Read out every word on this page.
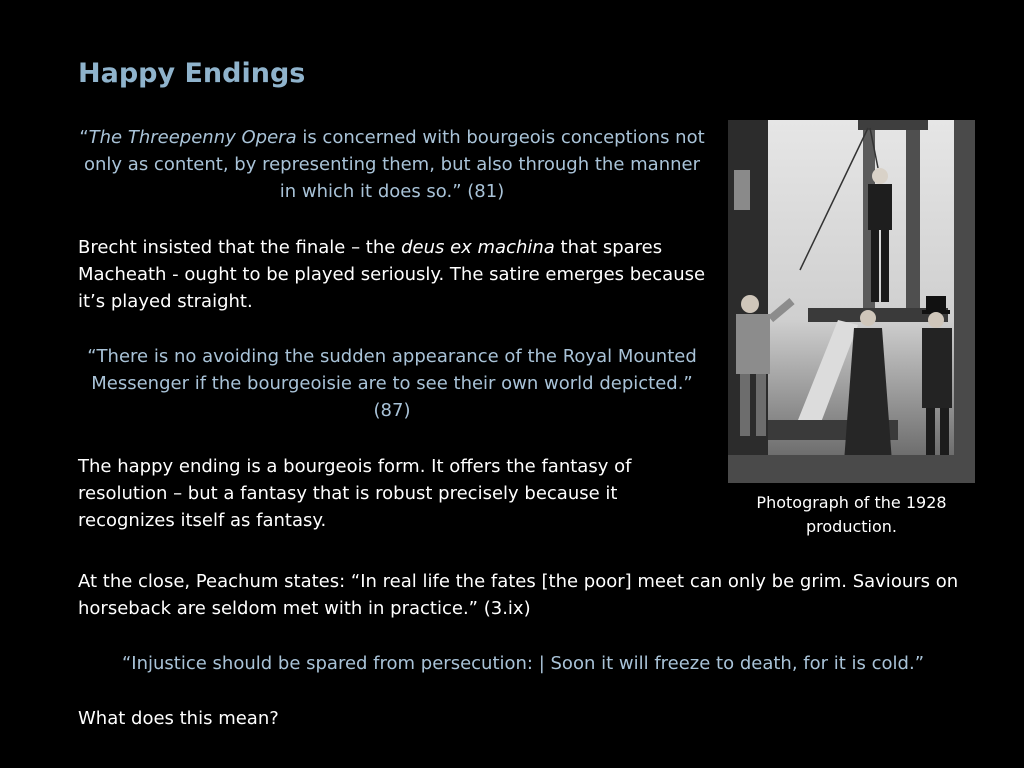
Happy Endings

“The Threepenny Opera is concerned with bourgeois conceptions not only as content, by representing them, but also through the manner in which it does so.” (81)

Brecht insisted that the finale – the deus ex machina that spares Macheath - ought to be played seriously. The satire emerges because it’s played straight.

“There is no avoiding the sudden appearance of the Royal Mounted Messenger if the bourgeoisie are to see their own world depicted.” (87)

The happy ending is a bourgeois form. It offers the fantasy of resolution – but a fantasy that is robust precisely because it recognizes itself as fantasy.

At the close, Peachum states: “In real life the fates [the poor] meet can only be grim. Saviours on horseback are seldom met with in practice.” (3.ix)

“Injustice should be spared from persecution: | Soon it will freeze to death, for it is cold.”

What does this mean?

Photograph of the 1928 production.
